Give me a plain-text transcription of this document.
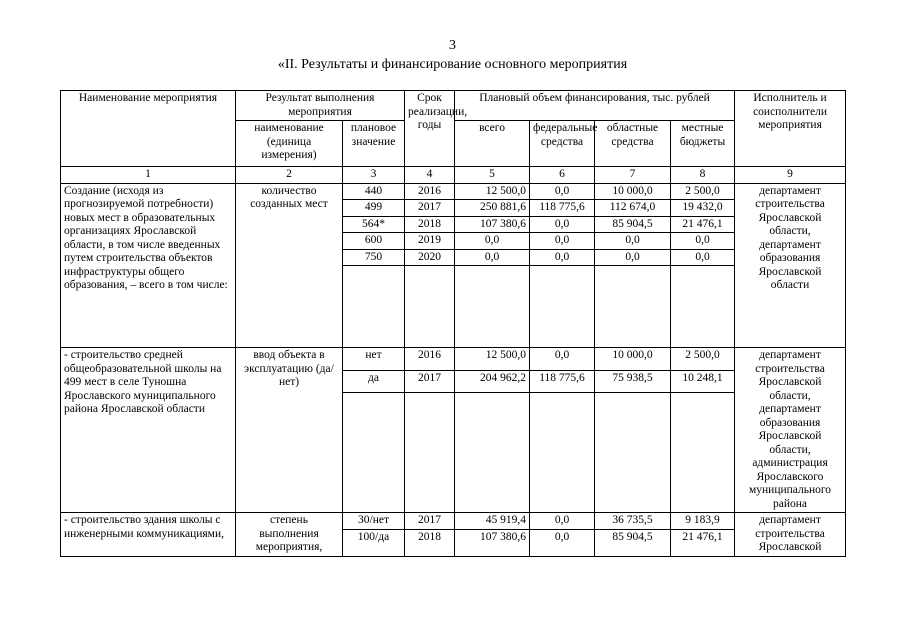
3
«II. Результаты и финансирование основного мероприятия
Наименование мероприятия	Результат выполнения мероприятия		Срок реализации, годы	Плановый объем финансирования, тыс. рублей				Исполнитель и соисполнители мероприятия
	наименование (единица измерения)	плановое значение		всего	федеральные средства	областные средства	местные бюджеты	
1	2	3	4	5	6	7	8	9
Создание (исходя из прогнозируемой потребности) новых мест в образовательных организациях Ярославской области, в том числе введенных путем строительства объектов инфраструктуры общего образования, – всего в том числе:	количество созданных мест	440	2016	12 500,0	0,0	10 000,0	2 500,0	департамент строительства Ярославской области, департамент образования Ярославской области
		499	2017	250 881,6	118 775,6	112 674,0	19 432,0	
		564*	2018	107 380,6	0,0	85 904,5	21 476,1	
		600	2019	0,0	0,0	0,0	0,0	
		750	2020	0,0	0,0	0,0	0,0	

- строительство средней общеобразовательной школы на 499 мест в селе Туношна Ярославского муниципального района Ярославской области	ввод объекта в эксплуатацию (да/нет)	нет	2016	12 500,0	0,0	10 000,0	2 500,0	департамент строительства Ярославской области, департамент образования Ярославской области, администрация Ярославского муниципального района
		да	2017	204 962,2	118 775,6	75 938,5	10 248,1	

- строительство здания школы с инженерными коммуникациями,	степень выполнения мероприятия,	30/нет	2017	45 919,4	0,0	36 735,5	9 183,9	департамент строительства Ярославской
		100/да	2018	107 380,6	0,0	85 904,5	21 476,1	
